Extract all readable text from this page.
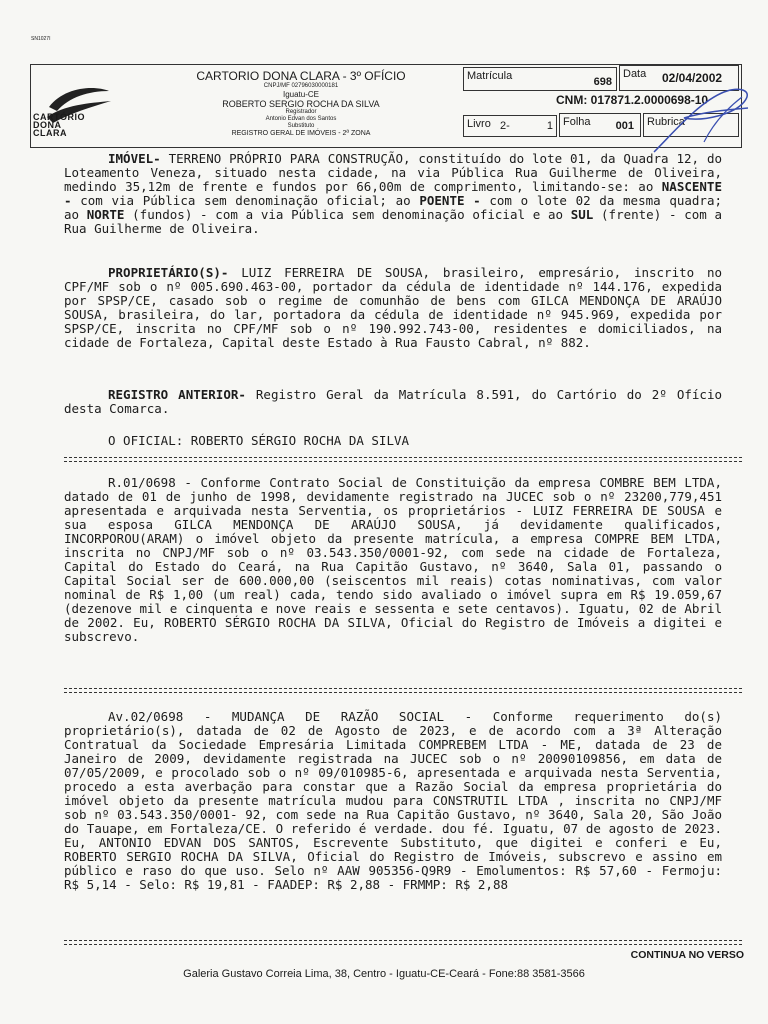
SN1027I
CARTÓRIO
DONA
CLARA
CARTORIO DONA CLARA - 3º OFÍCIO
CNPJ/MF 02796030000181
Iguatu-CE
ROBERTO SERGIO ROCHA DA SILVA
Registrador
Antonio Edvan dos Santos
Substituto
REGISTRO GERAL DE IMÓVEIS - 2ª ZONA
Matrícula	698
Data 02/04/2002
CNM: 017871.2.0000698-10
Livro 2-	1 Folha 001 Rubrica

IMÓVEL- TERRENO PRÓPRIO PARA CONSTRUÇÃO, constituído do lote 01, da Quadra 12, do Loteamento Veneza, situado nesta cidade, na via Pública Rua Guilherme de Oliveira, medindo 35,12m de frente e fundos por 66,00m de comprimento, limitando-se: ao NASCENTE - com via Pública sem denominação oficial; ao POENTE - com o lote 02 da mesma quadra; ao NORTE (fundos) - com a via Pública sem denominação oficial e ao SUL (frente) - com a Rua Guilherme de Oliveira.

PROPRIETÁRIO(S)- LUIZ FERREIRA DE SOUSA, brasileiro, empresário, inscrito no CPF/MF sob o nº 005.690.463-00, portador da cédula de identidade nº 144.176, expedida por SPSP/CE, casado sob o regime de comunhão de bens com GILCA MENDONÇA DE ARAÚJO SOUSA, brasileira, do lar, portadora da cédula de identidade nº 945.969, expedida por SPSP/CE, inscrita no CPF/MF sob o nº 190.992.743-00, residentes e domiciliados, na cidade de Fortaleza, Capital deste Estado à Rua Fausto Cabral, nº 882.

REGISTRO ANTERIOR- Registro Geral da Matrícula 8.591, do Cartório do 2º Ofício desta Comarca.

O OFICIAL: ROBERTO SÉRGIO ROCHA DA SILVA

R.01/0698 - Conforme Contrato Social de Constituição da empresa COMBRE BEM LTDA, datado de 01 de junho de 1998, devidamente registrado na JUCEC sob o nº 23200,779,451 apresentada e arquivada nesta Serventia, os proprietários - LUIZ FERREIRA DE SOUSA e sua esposa GILCA MENDONÇA DE ARAÚJO SOUSA, já devidamente qualificados, INCORPOROU(ARAM) o imóvel objeto da presente matrícula, a empresa COMPRE BEM LTDA, inscrita no CNPJ/MF sob o nº 03.543.350/0001-92, com sede na cidade de Fortaleza, Capital do Estado do Ceará, na Rua Capitão Gustavo, nº 3640, Sala 01, passando o Capital Social ser de 600.000,00 (seiscentos mil reais) cotas nominativas, com valor nominal de R$ 1,00 (um real) cada, tendo sido avaliado o imóvel supra em R$ 19.059,67 (dezenove mil e cinquenta e nove reais e sessenta e sete centavos). Iguatu, 02 de Abril de 2002. Eu, ROBERTO SÉRGIO ROCHA DA SILVA, Oficial do Registro de Imóveis a digitei e subscrevo.

Av.02/0698 - MUDANÇA DE RAZÃO SOCIAL - Conforme requerimento do(s) proprietário(s), datada de 02 de Agosto de 2023, e de acordo com a 3ª Alteração Contratual da Sociedade Empresária Limitada COMPREBEM LTDA - ME, datada de 23 de Janeiro de 2009, devidamente registrada na JUCEC sob o nº 20090109856, em data de 07/05/2009, e procolado sob o nº 09/010985-6, apresentada e arquivada nesta Serventia, procedo a esta averbação para constar que a Razão Social da empresa proprietária do imóvel objeto da presente matrícula mudou para CONSTRUTIL LTDA , inscrita no CNPJ/MF sob nº 03.543.350/0001- 92, com sede na Rua Capitão Gustavo, nº 3640, Sala 20, São João do Tauape, em Fortaleza/CE. O referido é verdade. dou fé. Iguatu, 07 de agosto de 2023. Eu, ANTONIO EDVAN DOS SANTOS, Escrevente Substituto, que digitei e conferi e Eu, ROBERTO SERGIO ROCHA DA SILVA, Oficial do Registro de Imóveis, subscrevo e assino em público e raso do que uso. Selo nº AAW 905356-Q9R9 - Emolumentos: R$ 57,60 - Fermoju: R$ 5,14 - Selo: R$ 19,81 - FAADEP: R$ 2,88 - FRMMP: R$ 2,88

CONTINUA NO VERSO
Galeria Gustavo Correia Lima, 38, Centro - Iguatu-CE-Ceará - Fone:88 3581-3566
